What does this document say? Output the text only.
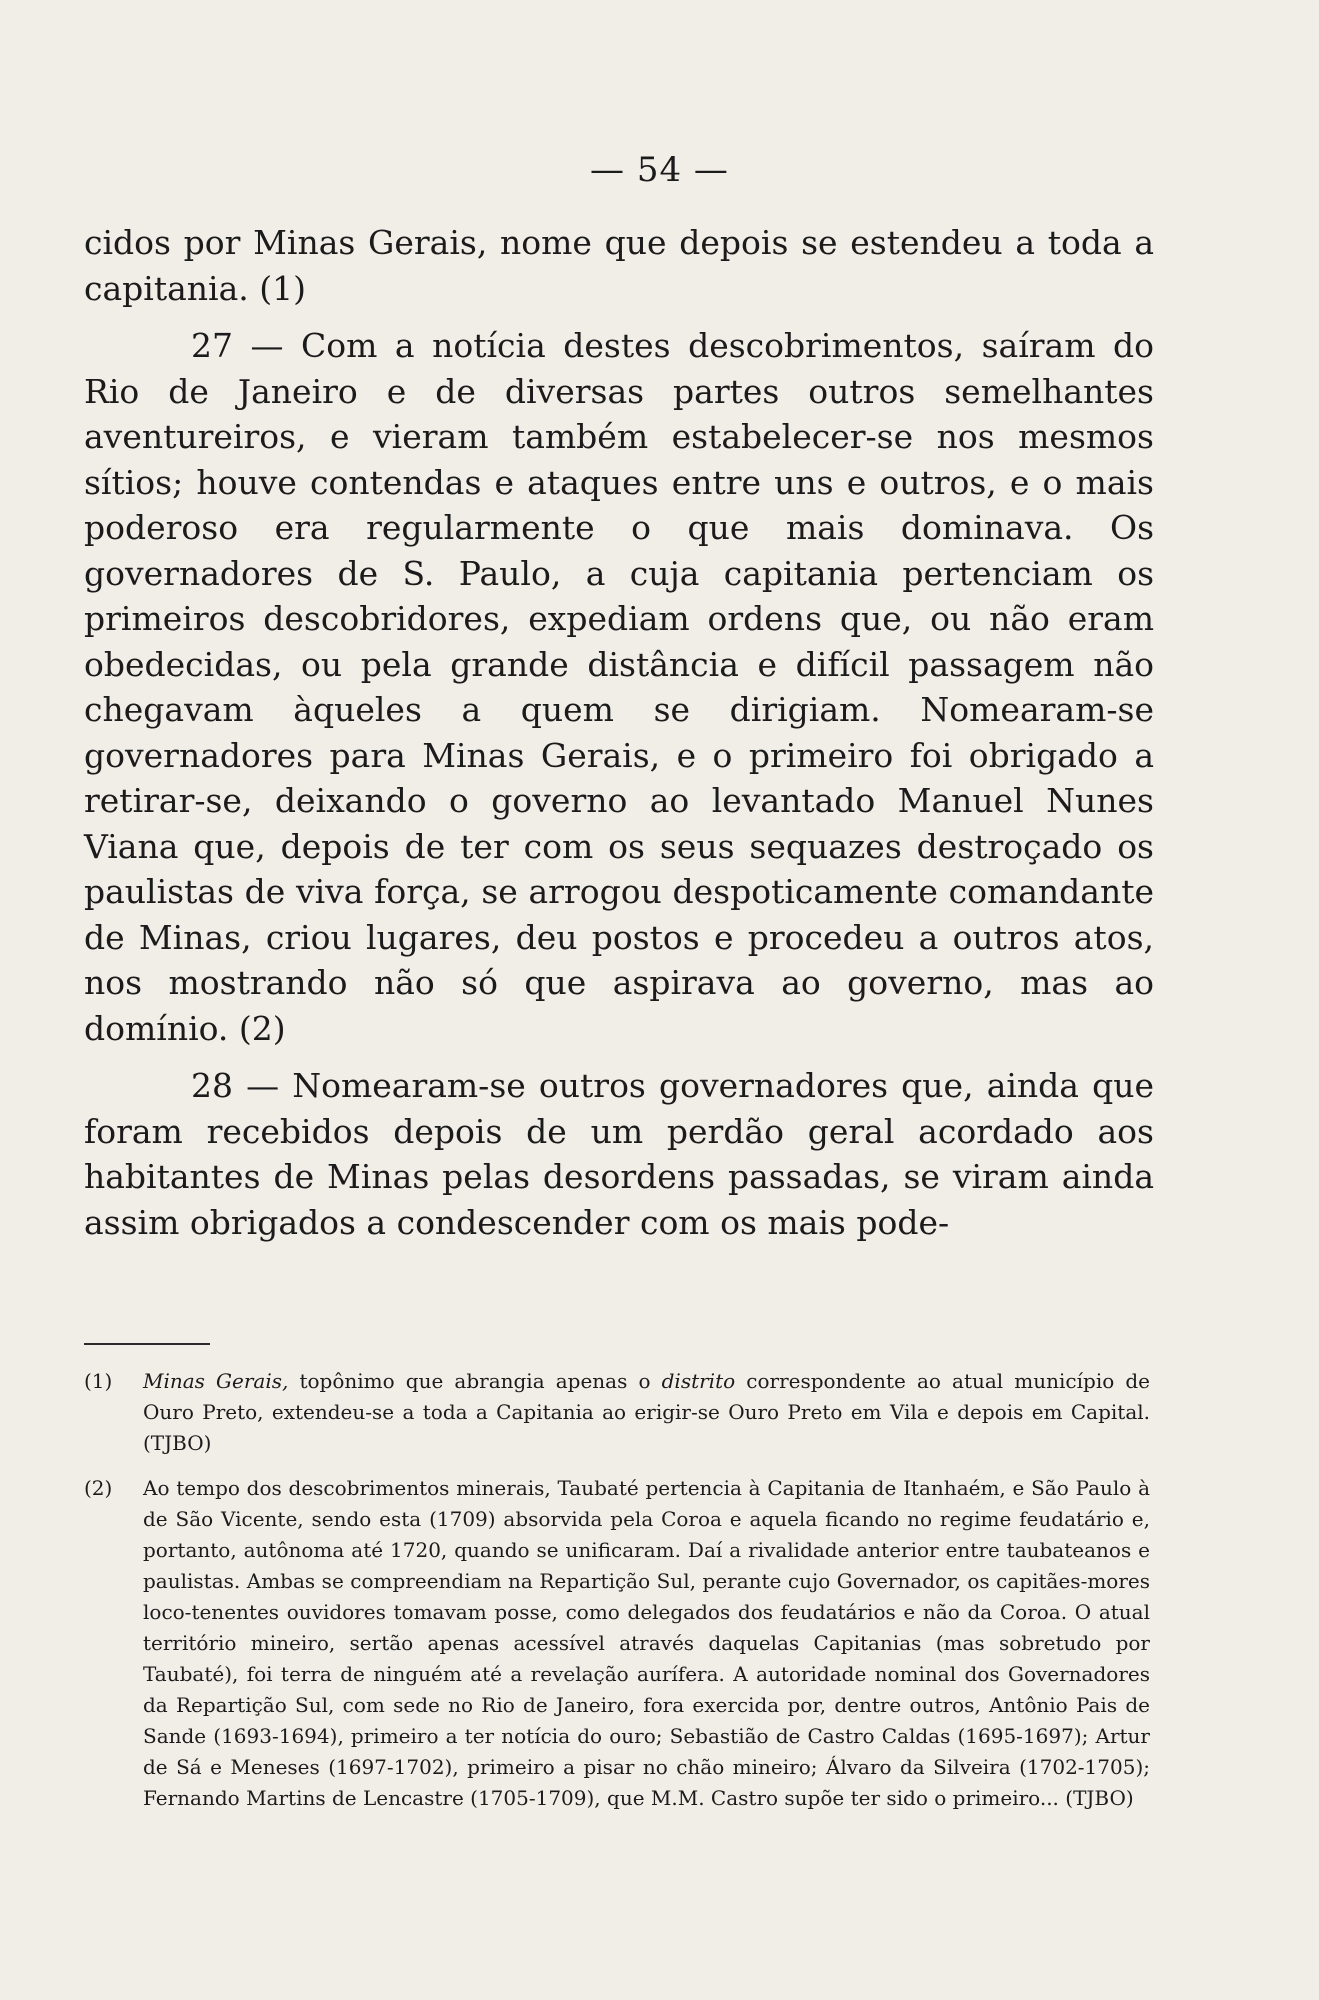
— 54 —

cidos por Minas Gerais, nome que depois se estendeu a toda a capitania. (1)

27 — Com a notícia destes descobrimentos, saíram do Rio de Janeiro e de diversas partes outros semelhantes aventureiros, e vieram também estabelecer-se nos mesmos sítios; houve contendas e ataques entre uns e outros, e o mais poderoso era regularmente o que mais dominava. Os governadores de S. Paulo, a cuja capitania pertenciam os primeiros descobridores, expediam ordens que, ou não eram obedecidas, ou pela grande distância e difícil passagem não chegavam àqueles a quem se dirigiam. Nomearam-se governadores para Minas Gerais, e o primeiro foi obrigado a retirar-se, deixando o governo ao levantado Manuel Nunes Viana que, depois de ter com os seus sequazes destroçado os paulistas de viva força, se arrogou despoticamente comandante de Minas, criou lugares, deu postos e procedeu a outros atos, nos mostrando não só que aspirava ao governo, mas ao domínio. (2)

28 — Nomearam-se outros governadores que, ainda que foram recebidos depois de um perdão geral acordado aos habitantes de Minas pelas desordens passadas, se viram ainda assim obrigados a condescender com os mais pode-

(1)	Minas Gerais, topônimo que abrangia apenas o distrito correspondente ao atual município de Ouro Preto, extendeu-se a toda a Capitania ao erigir-se Ouro Preto em Vila e depois em Capital. (TJBO)
(2)	Ao tempo dos descobrimentos minerais, Taubaté pertencia à Capitania de Itanhaém, e São Paulo à de São Vicente, sendo esta (1709) absorvida pela Coroa e aquela ficando no regime feudatário e, portanto, autônoma até 1720, quando se unificaram. Daí a rivalidade anterior entre taubateanos e paulistas. Ambas se compreendiam na Repartição Sul, perante cujo Governador, os capitães-mores loco-tenentes ouvidores tomavam posse, como delegados dos feudatários e não da Coroa. O atual território mineiro, sertão apenas acessível através daquelas Capitanias (mas sobretudo por Taubaté), foi terra de ninguém até a revelação aurífera. A autoridade nominal dos Governadores da Repartição Sul, com sede no Rio de Janeiro, fora exercida por, dentre outros, Antônio Pais de Sande (1693-1694), primeiro a ter notícia do ouro; Sebastião de Castro Caldas (1695-1697); Artur de Sá e Meneses (1697-1702), primeiro a pisar no chão mineiro; Álvaro da Silveira (1702-1705); Fernando Martins de Lencastre (1705-1709), que M.M. Castro supõe ter sido o primeiro... (TJBO)
